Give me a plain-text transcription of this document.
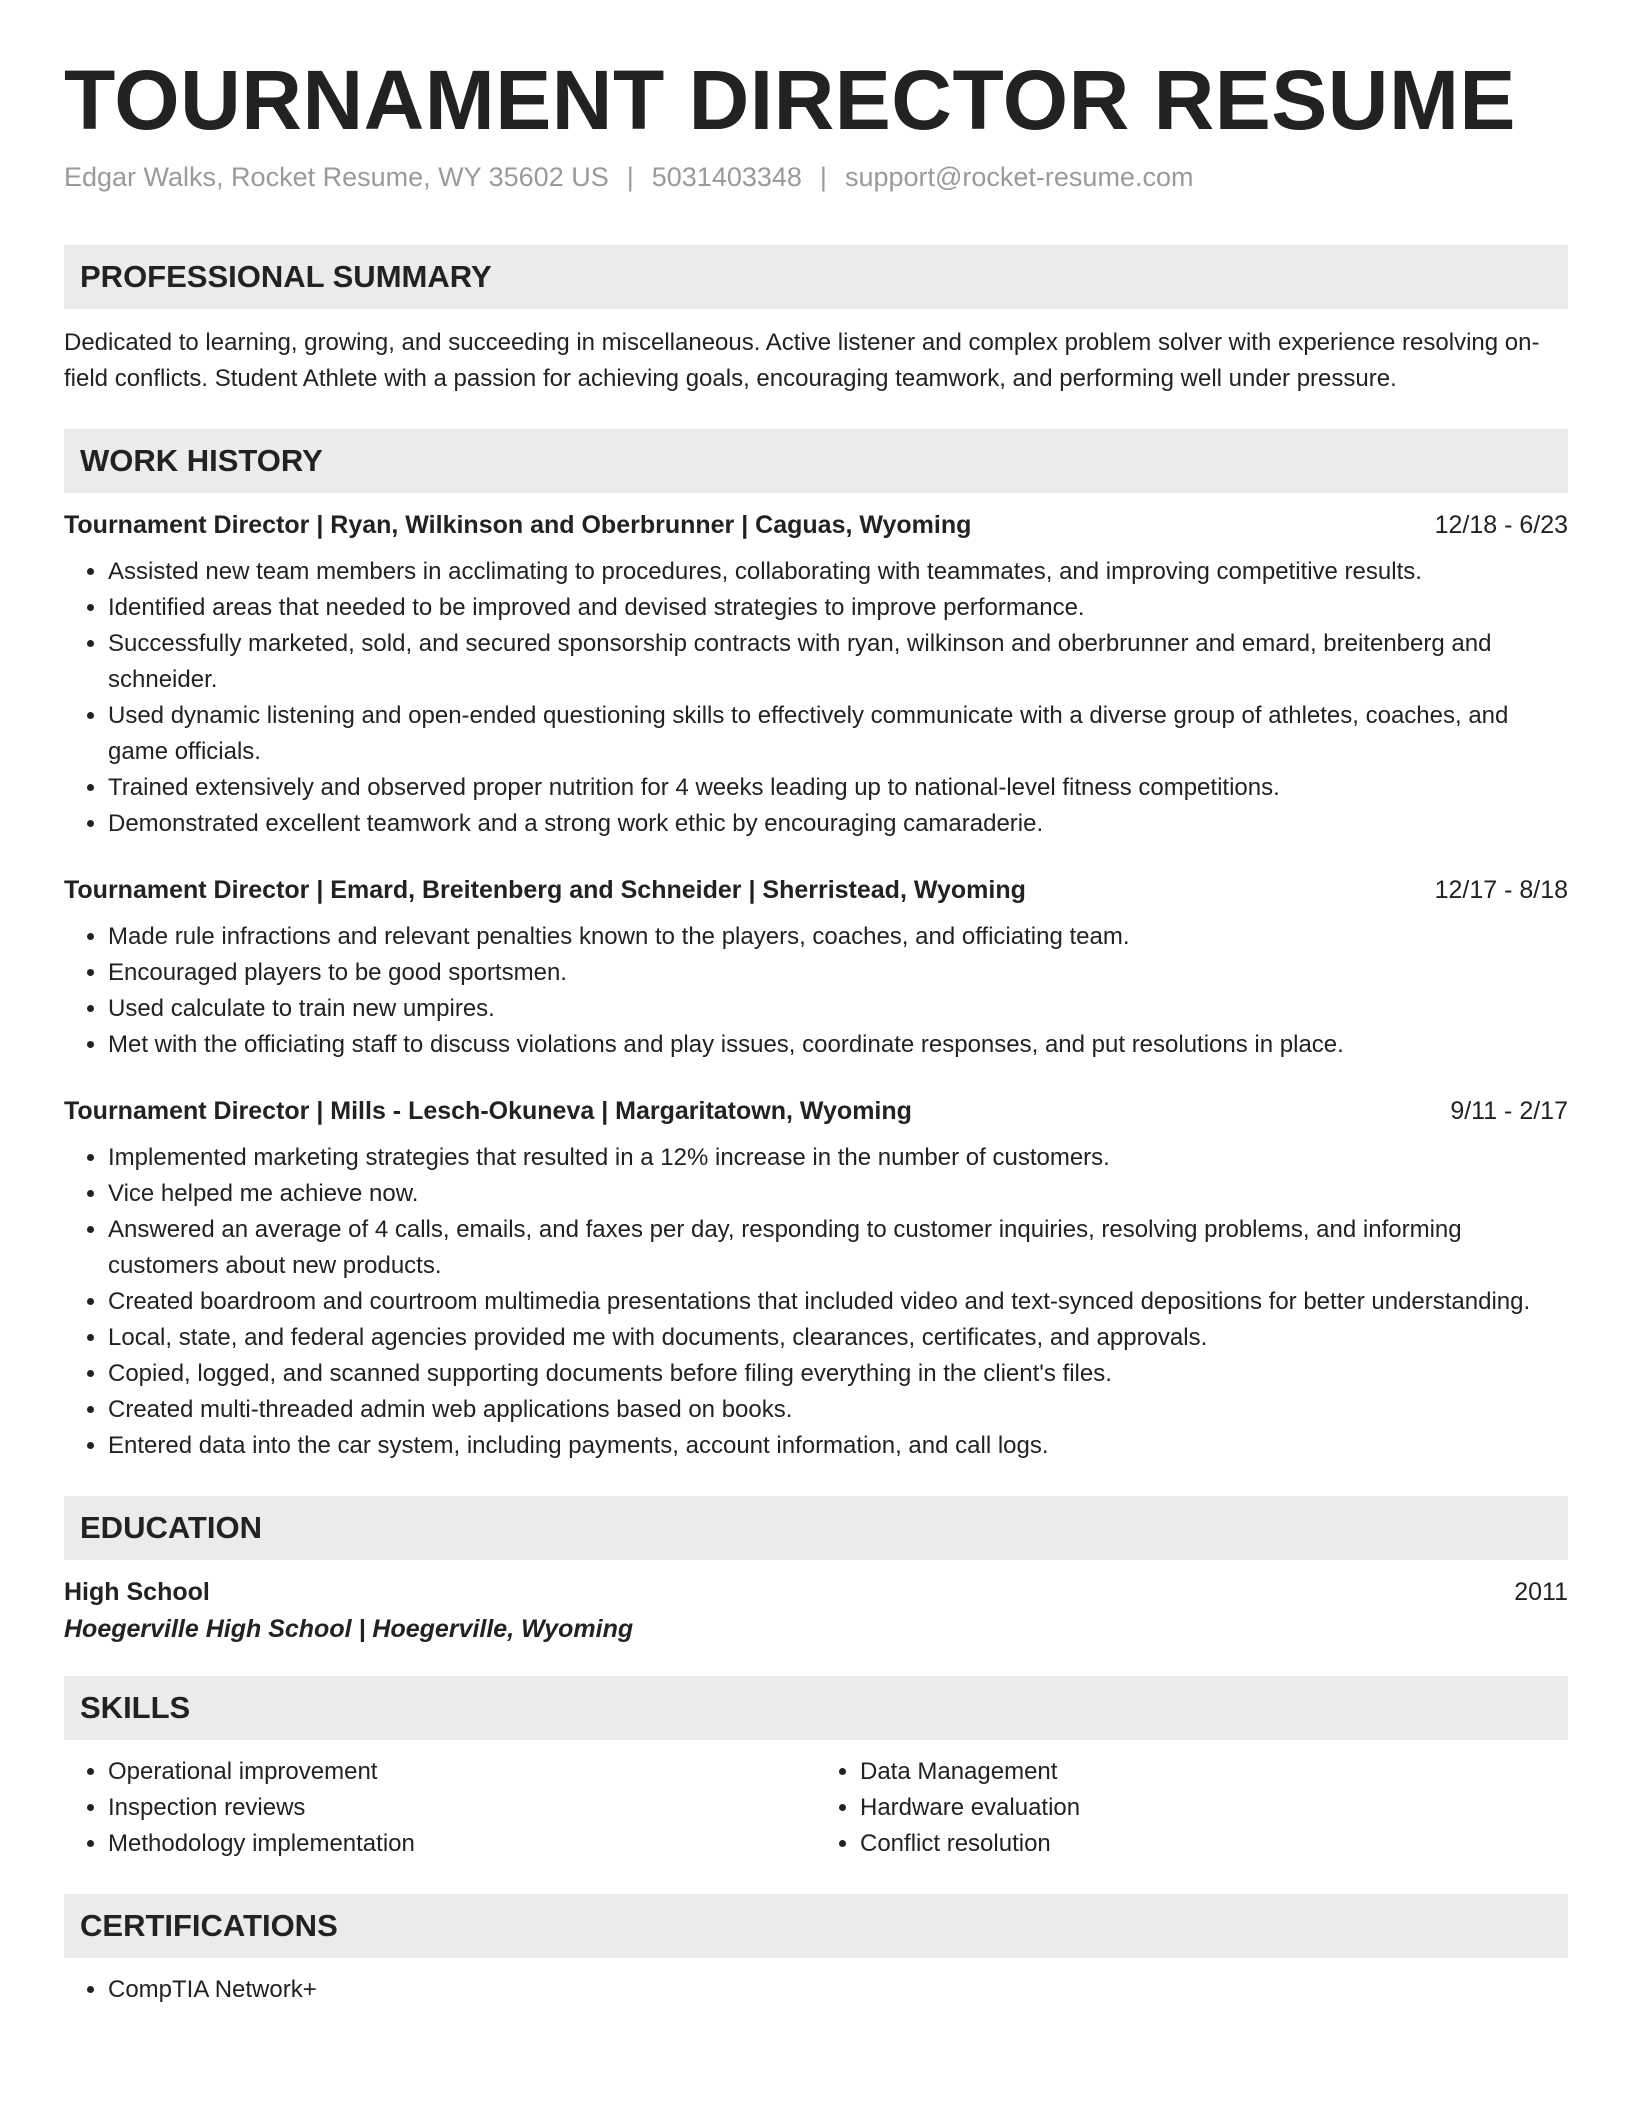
TOURNAMENT DIRECTOR RESUME
Edgar Walks, Rocket Resume, WY 35602 US | 5031403348 | support@rocket-resume.com
PROFESSIONAL SUMMARY
Dedicated to learning, growing, and succeeding in miscellaneous. Active listener and complex problem solver with experience resolving on-field conflicts. Student Athlete with a passion for achieving goals, encouraging teamwork, and performing well under pressure.
WORK HISTORY
Tournament Director | Ryan, Wilkinson and Oberbrunner | Caguas, Wyoming	12/18 - 6/23
• Assisted new team members in acclimating to procedures, collaborating with teammates, and improving competitive results.
• Identified areas that needed to be improved and devised strategies to improve performance.
• Successfully marketed, sold, and secured sponsorship contracts with ryan, wilkinson and oberbrunner and emard, breitenberg and schneider.
• Used dynamic listening and open-ended questioning skills to effectively communicate with a diverse group of athletes, coaches, and game officials.
• Trained extensively and observed proper nutrition for 4 weeks leading up to national-level fitness competitions.
• Demonstrated excellent teamwork and a strong work ethic by encouraging camaraderie.
Tournament Director | Emard, Breitenberg and Schneider | Sherristead, Wyoming	12/17 - 8/18
• Made rule infractions and relevant penalties known to the players, coaches, and officiating team.
• Encouraged players to be good sportsmen.
• Used calculate to train new umpires.
• Met with the officiating staff to discuss violations and play issues, coordinate responses, and put resolutions in place.
Tournament Director | Mills - Lesch-Okuneva | Margaritatown, Wyoming	9/11 - 2/17
• Implemented marketing strategies that resulted in a 12% increase in the number of customers.
• Vice helped me achieve now.
• Answered an average of 4 calls, emails, and faxes per day, responding to customer inquiries, resolving problems, and informing customers about new products.
• Created boardroom and courtroom multimedia presentations that included video and text-synced depositions for better understanding.
• Local, state, and federal agencies provided me with documents, clearances, certificates, and approvals.
• Copied, logged, and scanned supporting documents before filing everything in the client's files.
• Created multi-threaded admin web applications based on books.
• Entered data into the car system, including payments, account information, and call logs.
EDUCATION
High School	2011
Hoegerville High School | Hoegerville, Wyoming
SKILLS
• Operational improvement
• Inspection reviews
• Methodology implementation
• Data Management
• Hardware evaluation
• Conflict resolution
CERTIFICATIONS
• CompTIA Network+
